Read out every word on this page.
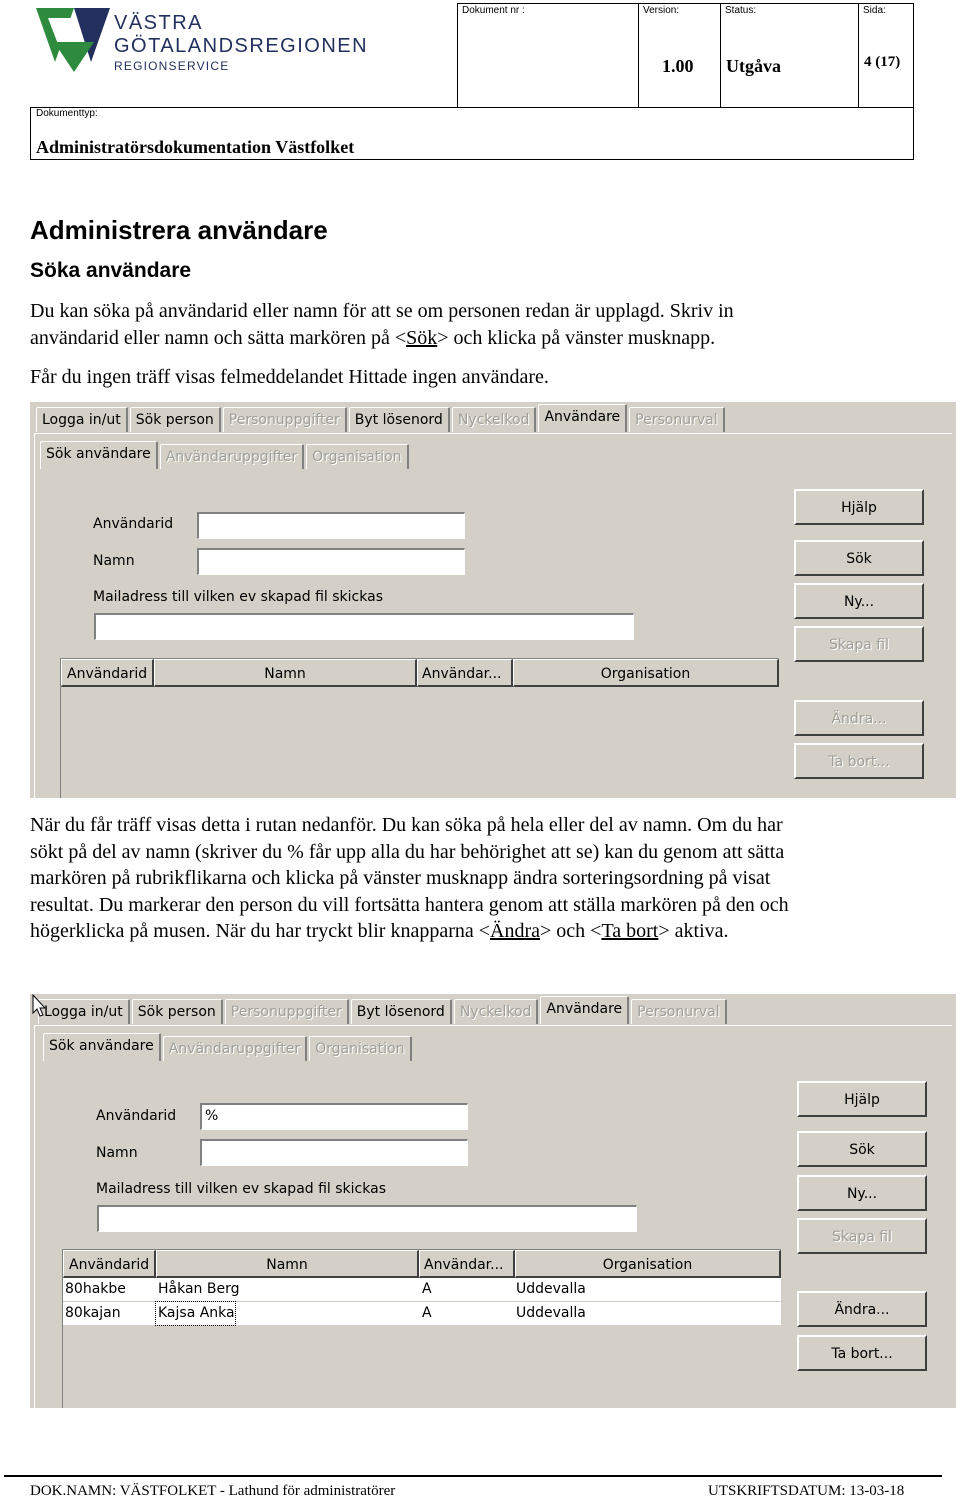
VÄSTRA
GÖTALANDSREGIONEN
REGIONSERVICE
Dokument nr :	Version:
1.00
Status:
Utgåva
Sida:
4 (17)
Dokumenttyp:
Administratörsdokumentation Västfolket
Administrera användare
Söka användare
Du kan söka på användarid eller namn för att se om personen redan är upplagd. Skriv in
användarid eller namn och sätta markören på <Sök> och klicka på vänster musknapp.
Får du ingen träff visas felmeddelandet Hittade ingen användare.
Logga in/ut	Sök person	Personuppgifter	Byt lösenord	Nyckelkod	Användare	Personurval
Sök användare	Användaruppgifter	Organisation
Användarid
Namn
Mailadress till vilken ev skapad fil skickas
Användarid	Namn	Användar...	Organisation
Hjälp
Sök
Ny...
Skapa fil
Ändra...
Ta bort...
När du får träff visas detta i rutan nedanför. Du kan söka på hela eller del av namn. Om du har
sökt på del av namn (skriver du % får upp alla du har behörighet att se) kan du genom att sätta
markören på rubrikflikarna och klicka på vänster musknapp ändra sorteringsordning på visat
resultat. Du markerar den person du vill fortsätta hantera genom att ställa markören på den och
högerklicka på musen. När du har tryckt blir knapparna <Ändra> och <Ta bort> aktiva.
Logga in/ut	Sök person	Personuppgifter	Byt lösenord	Nyckelkod	Användare	Personurval
Sök användare	Användaruppgifter	Organisation
Användarid	%
Namn
Mailadress till vilken ev skapad fil skickas
Användarid	Namn	Användar...	Organisation
80hakbe Håkan Berg	A	Uddevalla
80kajan	Kajsa Anka	A	Uddevalla
Hjälp
Sök
Ny...
Skapa fil
Ändra...
Ta bort...
DOK.NAMN: VÄSTFOLKET - Lathund för administratörer	UTSKRIFTSDATUM: 13-03-18
